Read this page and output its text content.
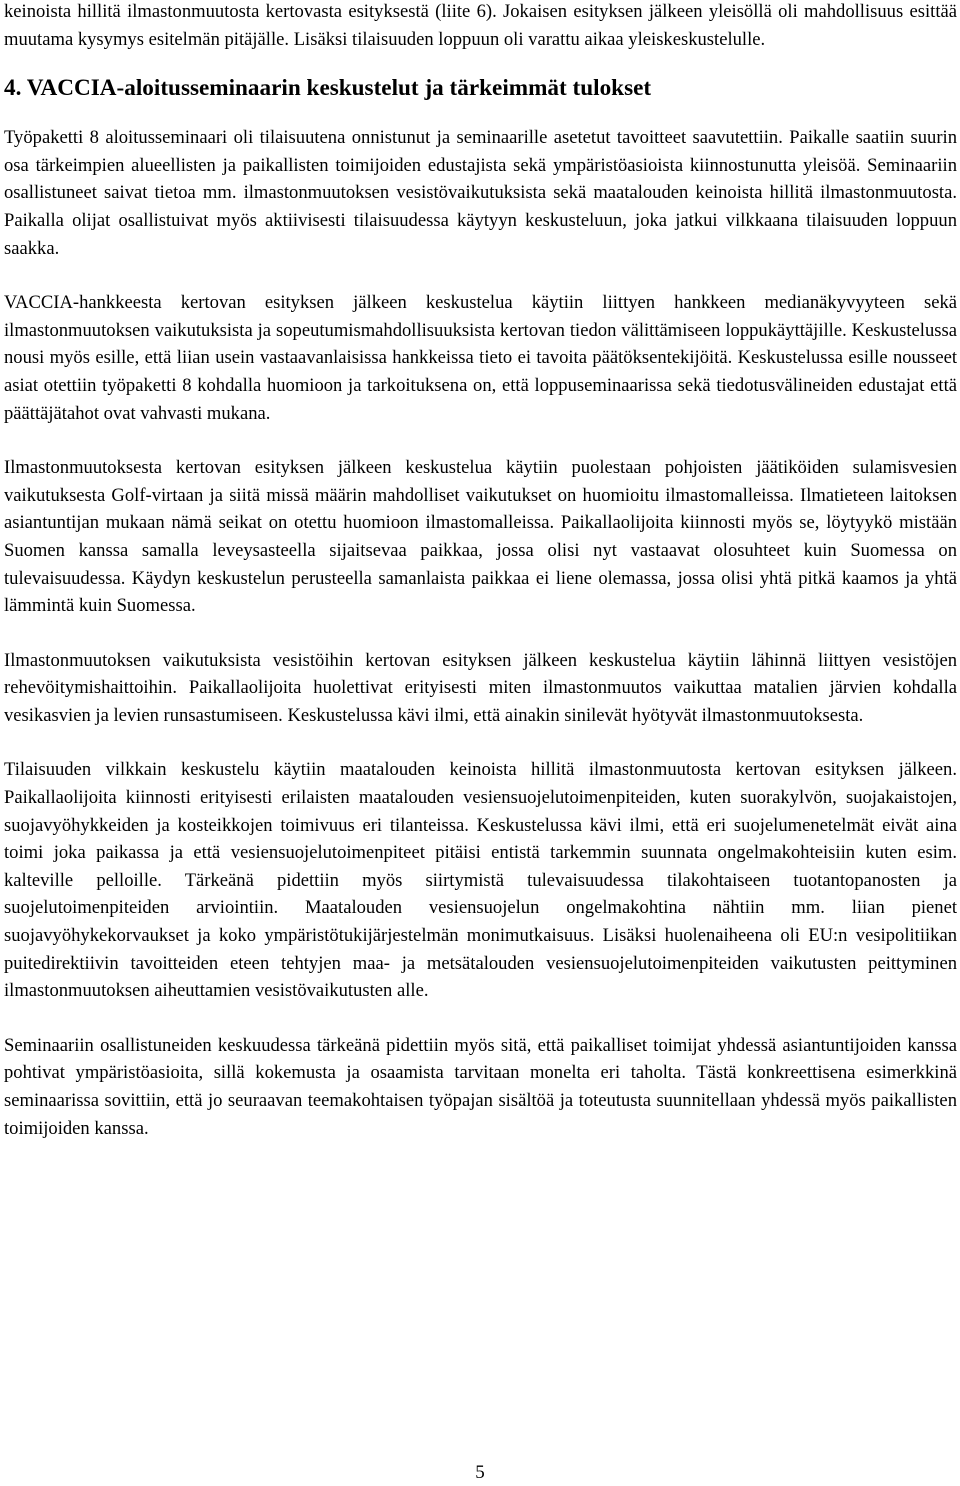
keinoista hillitä ilmastonmuutosta kertovasta esityksestä (liite 6). Jokaisen esityksen jälkeen yleisöllä oli mahdollisuus esittää muutama kysymys esitelmän pitäjälle. Lisäksi tilaisuuden loppuun oli varattu aikaa yleiskeskustelulle.

4. VACCIA-aloitusseminaarin keskustelut ja tärkeimmät tulokset

Työpaketti 8 aloitusseminaari oli tilaisuutena onnistunut ja seminaarille asetetut tavoitteet saavutettiin. Paikalle saatiin suurin osa tärkeimpien alueellisten ja paikallisten toimijoiden edustajista sekä ympäristöasioista kiinnostunutta yleisöä. Seminaariin osallistuneet saivat tietoa mm. ilmastonmuutoksen vesistövaikutuksista sekä maatalouden keinoista hillitä ilmastonmuutosta. Paikalla olijat osallistuivat myös aktiivisesti tilaisuudessa käytyyn keskusteluun, joka jatkui vilkkaana tilaisuuden loppuun saakka.

VACCIA-hankkeesta kertovan esityksen jälkeen keskustelua käytiin liittyen hankkeen medianäkyvyyteen sekä ilmastonmuutoksen vaikutuksista ja sopeutumismahdollisuuksista kertovan tiedon välittämiseen loppukäyttäjille. Keskustelussa nousi myös esille, että liian usein vastaavanlaisissa hankkeissa tieto ei tavoita päätöksentekijöitä. Keskustelussa esille nousseet asiat otettiin työpaketti 8 kohdalla huomioon ja tarkoituksena on, että loppuseminaarissa sekä tiedotusvälineiden edustajat että päättäjätahot ovat vahvasti mukana.

Ilmastonmuutoksesta kertovan esityksen jälkeen keskustelua käytiin puolestaan pohjoisten jäätiköiden sulamisvesien vaikutuksesta Golf-virtaan ja siitä missä määrin mahdolliset vaikutukset on huomioitu ilmastomalleissa. Ilmatieteen laitoksen asiantuntijan mukaan nämä seikat on otettu huomioon ilmastomalleissa. Paikallaolijoita kiinnosti myös se, löytyykö mistään Suomen kanssa samalla leveysasteella sijaitsevaa paikkaa, jossa olisi nyt vastaavat olosuhteet kuin Suomessa on tulevaisuudessa. Käydyn keskustelun perusteella samanlaista paikkaa ei liene olemassa, jossa olisi yhtä pitkä kaamos ja yhtä lämmintä kuin Suomessa.

Ilmastonmuutoksen vaikutuksista vesistöihin kertovan esityksen jälkeen keskustelua käytiin lähinnä liittyen vesistöjen rehevöitymishaittoihin. Paikallaolijoita huolettivat erityisesti miten ilmastonmuutos vaikuttaa matalien järvien kohdalla vesikasvien ja levien runsastumiseen. Keskustelussa kävi ilmi, että ainakin sinilevät hyötyvät ilmastonmuutoksesta.

Tilaisuuden vilkkain keskustelu käytiin maatalouden keinoista hillitä ilmastonmuutosta kertovan esityksen jälkeen. Paikallaolijoita kiinnosti erityisesti erilaisten maatalouden vesiensuojelutoimenpiteiden, kuten suorakylvön, suojakaistojen, suojavyöhykkeiden ja kosteikkojen toimivuus eri tilanteissa. Keskustelussa kävi ilmi, että eri suojelumenetelmät eivät aina toimi joka paikassa ja että vesiensuojelutoimenpiteet pitäisi entistä tarkemmin suunnata ongelmakohteisiin kuten esim. kalteville pelloille. Tärkeänä pidettiin myös siirtymistä tulevaisuudessa tilakohtaiseen tuotantopanosten ja suojelutoimenpiteiden arviointiin. Maatalouden vesiensuojelun ongelmakohtina nähtiin mm. liian pienet suojavyöhykekorvaukset ja koko ympäristötukijärjestelmän monimutkaisuus. Lisäksi huolenaiheena oli EU:n vesipolitiikan puitedirektiivin tavoitteiden eteen tehtyjen maa- ja metsätalouden vesiensuojelutoimenpiteiden vaikutusten peittyminen ilmastonmuutoksen aiheuttamien vesistövaikutusten alle.

Seminaariin osallistuneiden keskuudessa tärkeänä pidettiin myös sitä, että paikalliset toimijat yhdessä asiantuntijoiden kanssa pohtivat ympäristöasioita, sillä kokemusta ja osaamista tarvitaan monelta eri taholta. Tästä konkreettisena esimerkkinä seminaarissa sovittiin, että jo seuraavan teemakohtaisen työpajan sisältöä ja toteutusta suunnitellaan yhdessä myös paikallisten toimijoiden kanssa.

5
